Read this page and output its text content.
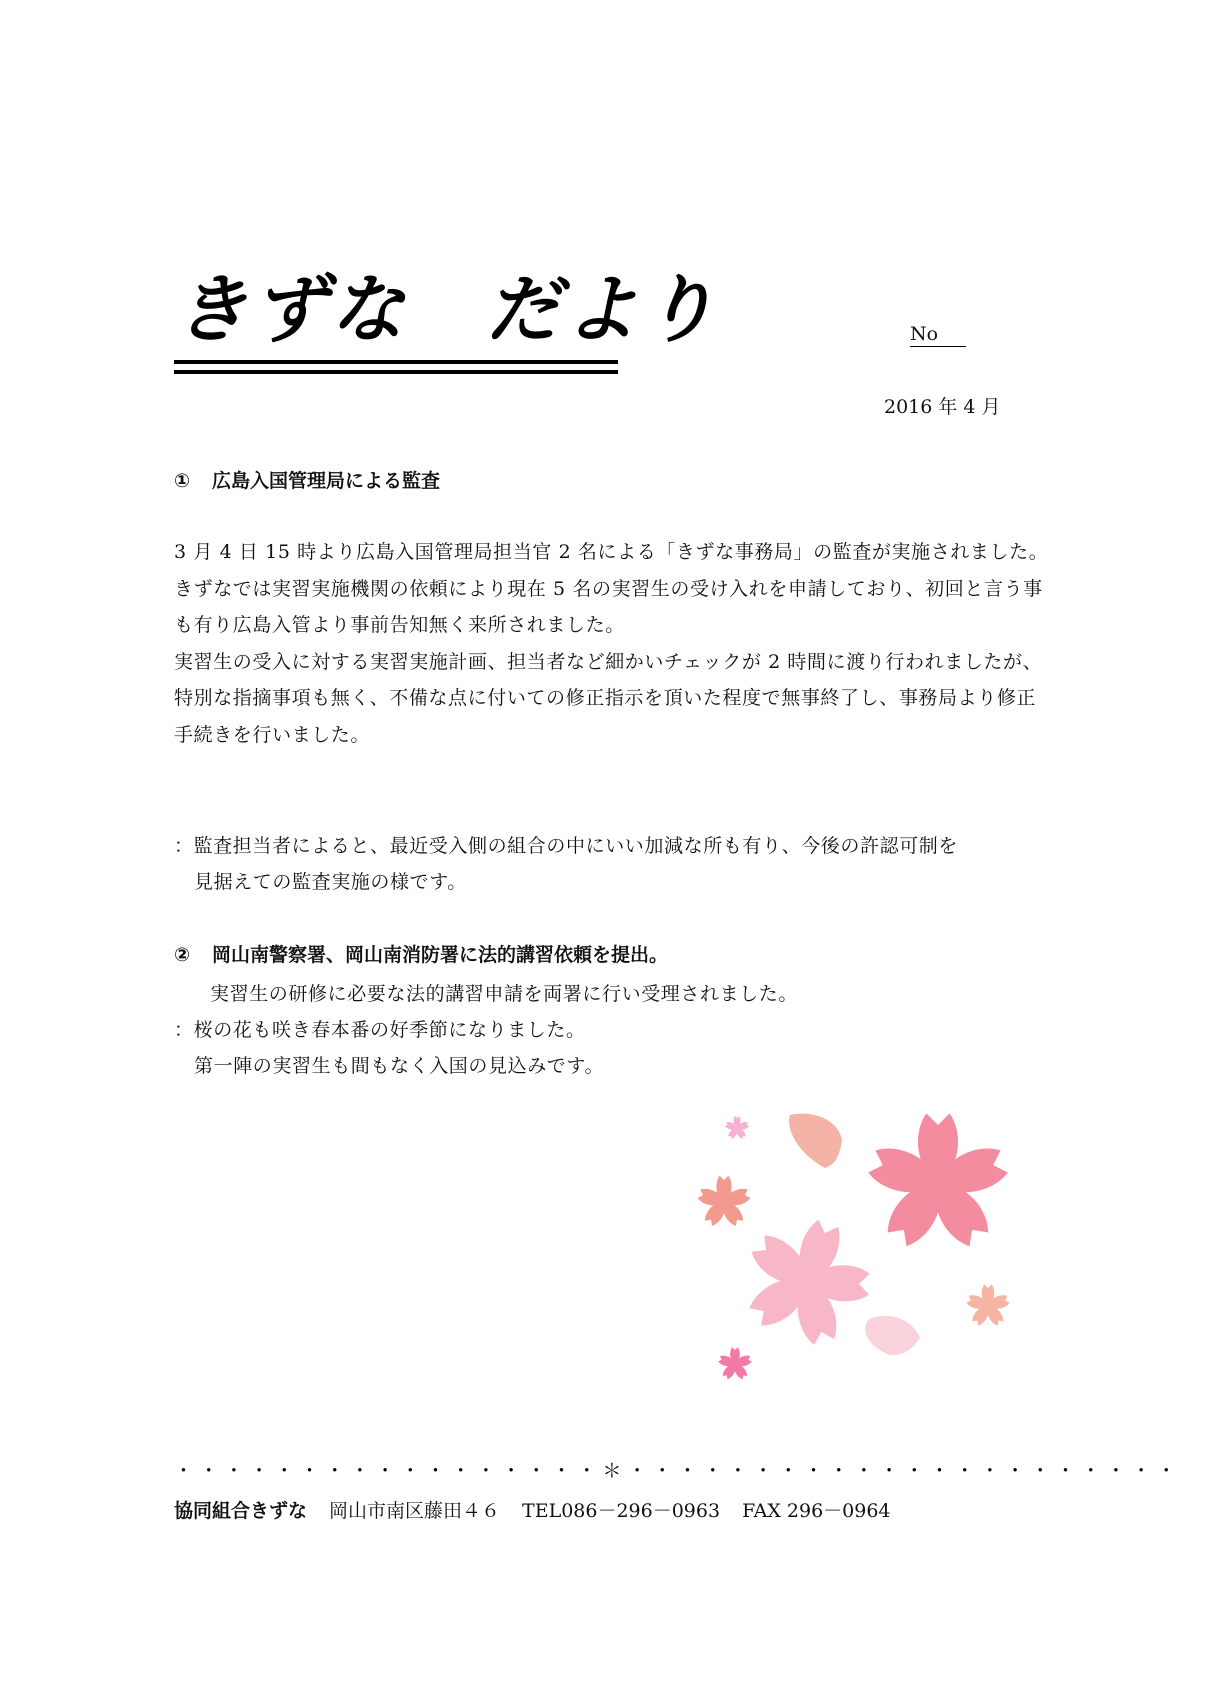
きずな　だより	No
2016 年 4 月
① 広島入国管理局による監査

3 月 4 日 15 時より広島入国管理局担当官 2 名による「きずな事務局」の監査が実施されました。

きずなでは実習実施機関の依頼により現在 5 名の実習生の受け入れを申請しており、初回と言う事も有り広島入管より事前告知無く来所されました。

実習生の受入に対する実習実施計画、担当者など細かいチェックが 2 時間に渡り行われましたが、特別な指摘事項も無く、不備な点に付いての修正指示を頂いた程度で無事終了し、事務局より修正手続きを行いました。

：監査担当者によると、最近受入側の組合の中にいい加減な所も有り、今後の許認可制を

見据えての監査実施の様です。

② 岡山南警察署、岡山南消防署に法的講習依頼を提出。

実習生の研修に必要な法的講習申請を両署に行い受理されました。

：桜の花も咲き春本番の好季節になりました。

第一陣の実習生も間もなく入国の見込みです。

・・・・・・・・・・・・・・・・・＊・・・・・・・・・・・・・・・・・・・・・・
協同組合きずな 岡山市南区藤田４６ TEL086－296－0963 FAX 296－0964
